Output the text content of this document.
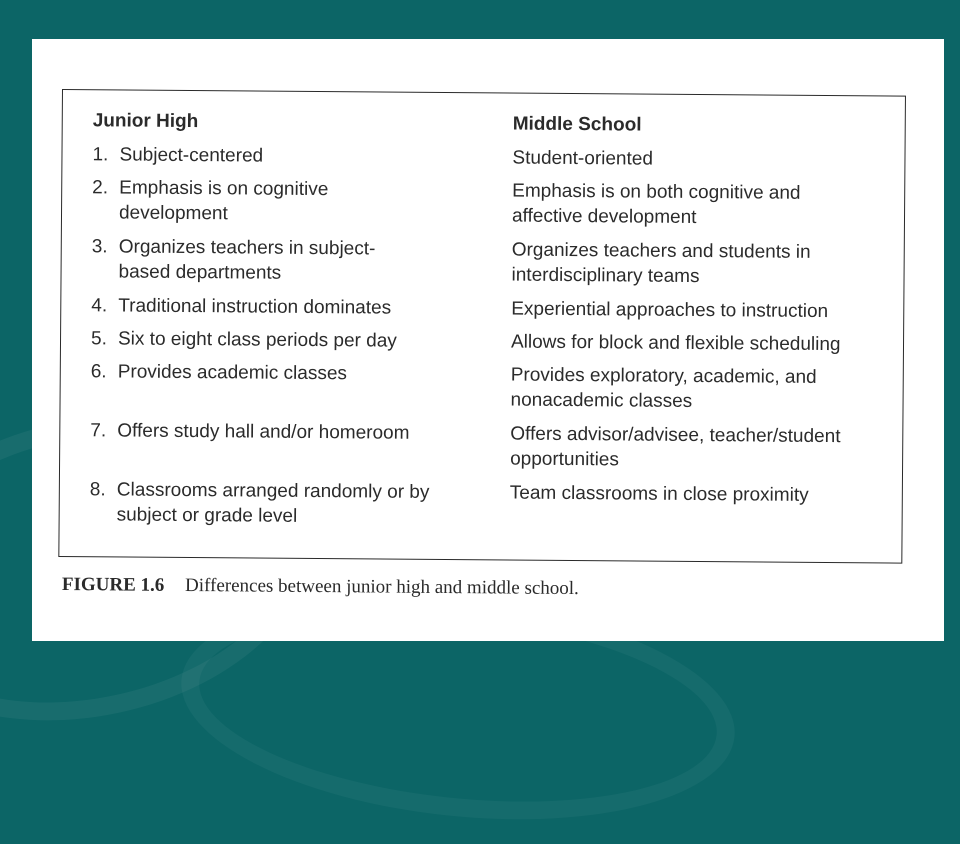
Junior High
1. Subject-centered
2. Emphasis is on cognitive development
3. Organizes teachers in subject-based departments
4. Traditional instruction dominates
5. Six to eight class periods per day
6. Provides academic classes
7. Offers study hall and/or homeroom
8. Classrooms arranged randomly or by subject or grade level
Middle School
Student-oriented
Emphasis is on both cognitive and affective development
Organizes teachers and students in interdisciplinary teams
Experiential approaches to instruction
Allows for block and flexible scheduling
Provides exploratory, academic, and nonacademic classes
Offers advisor/advisee, teacher/student opportunities
Team classrooms in close proximity
FIGURE 1.6 Differences between junior high and middle school.
